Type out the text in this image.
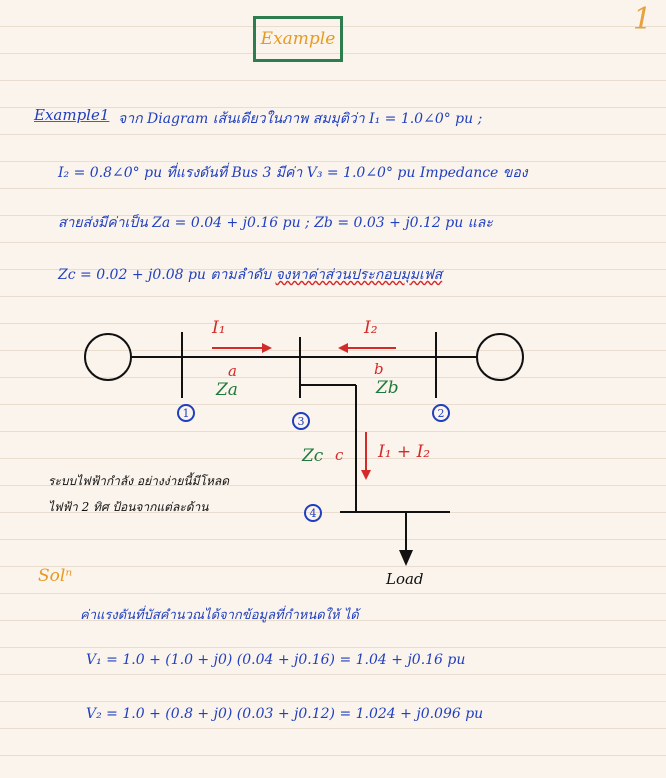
1
Example
Example1 จาก Diagram เส้นเดียวในภาพ สมมุติว่า I₁ = 1.0∠0° pu ;
I₂ = 0.8∠0° pu ที่แรงดันที่ Bus 3 มีค่า V₃ = 1.0∠0° pu Impedance ของ
สายส่งมีค่าเป็น Za = 0.04 + j0.16 pu ; Zb = 0.03 + j0.12 pu และ
Zc = 0.02 + j0.08 pu ตามลำดับ จงหาค่าส่วนประกอบมุมเฟส
I₁	I₂
a
Za
b
Zb
Zc c I₁ + I₂
1
3
2
4
Load
ระบบไฟฟ้ากำลัง อย่างง่ายนี้มีโหลด
ไฟฟ้า 2 ทิศ ป้อนจากแต่ละด้าน
Solⁿ
ค่าแรงดันที่บัสคำนวณได้จากข้อมูลที่กำหนดให้ ได้
V₁ = 1.0 + (1.0 + j0) (0.04 + j0.16) = 1.04 + j0.16 pu
V₂ = 1.0 + (0.8 + j0) (0.03 + j0.12) = 1.024 + j0.096 pu
